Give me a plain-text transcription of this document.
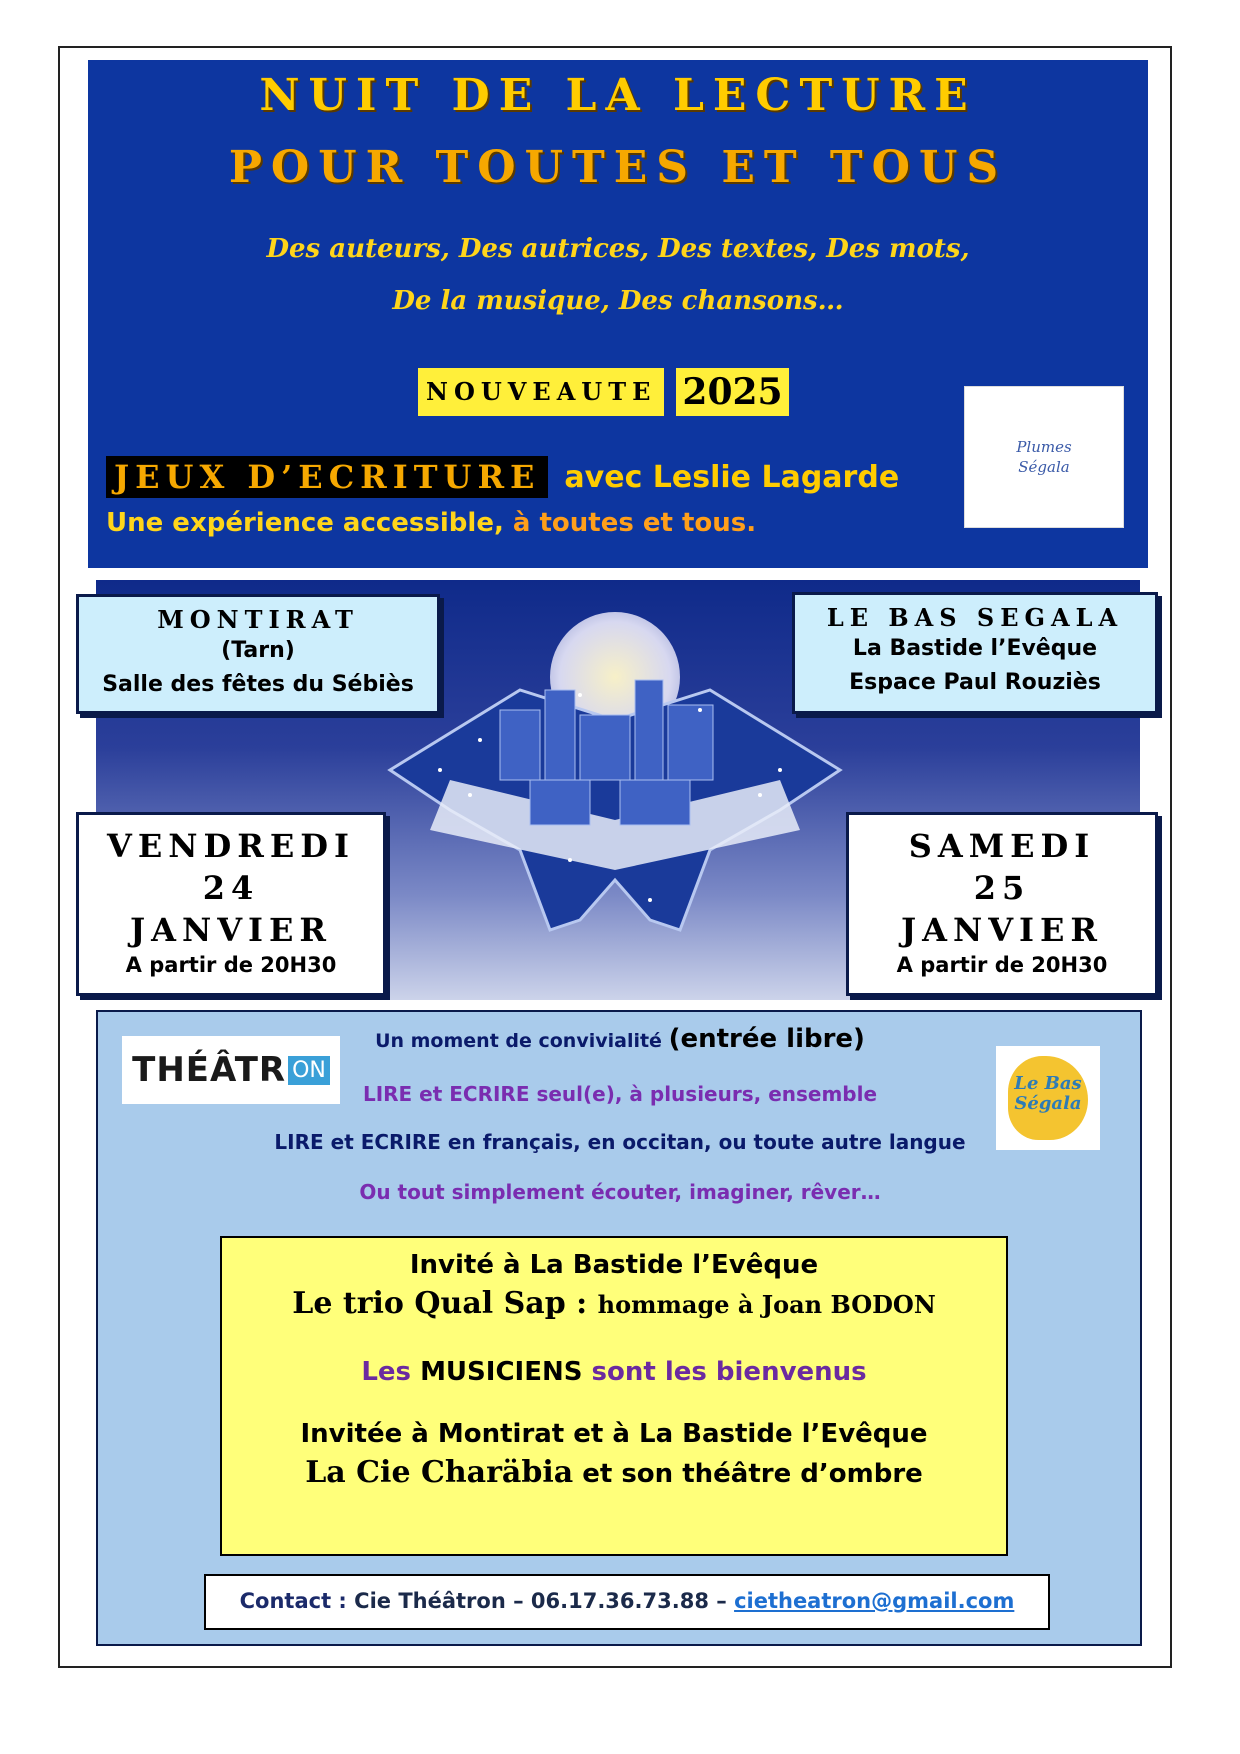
NUIT DE LA LECTURE
POUR TOUTES ET TOUS
Des auteurs, Des autrices, Des textes, Des mots,
De la musique, Des chansons…
NOUVEAUTE 2025
JEUX D’ECRITURE avec Leslie Lagarde
Une expérience accessible, à toutes et tous.
Plumes
Ségala
MONTIRAT
(Tarn)
Salle des fêtes du Sébiès
LE BAS SEGALA
La Bastide l’Evêque
Espace Paul Rouziès
VENDREDI
24
JANVIER
A partir de 20H30
SAMEDI
25
JANVIER
A partir de 20H30
THÉÂTR ON
Le Bas
Ségala
Un moment de convivialité (entrée libre)
LIRE et ECRIRE seul(e), à plusieurs, ensemble
LIRE et ECRIRE en français, en occitan, ou toute autre langue
Ou tout simplement écouter, imaginer, rêver…
Invité à La Bastide l’Evêque
Le trio Qual Sap : hommage à Joan BODON
Les MUSICIENS sont les bienvenus
Invitée à Montirat et à La Bastide l’Evêque
La Cie Charäbia et son théâtre d’ombre
Contact : Cie Théâtron – 06.17.36.73.88 – cietheatron@gmail.com
